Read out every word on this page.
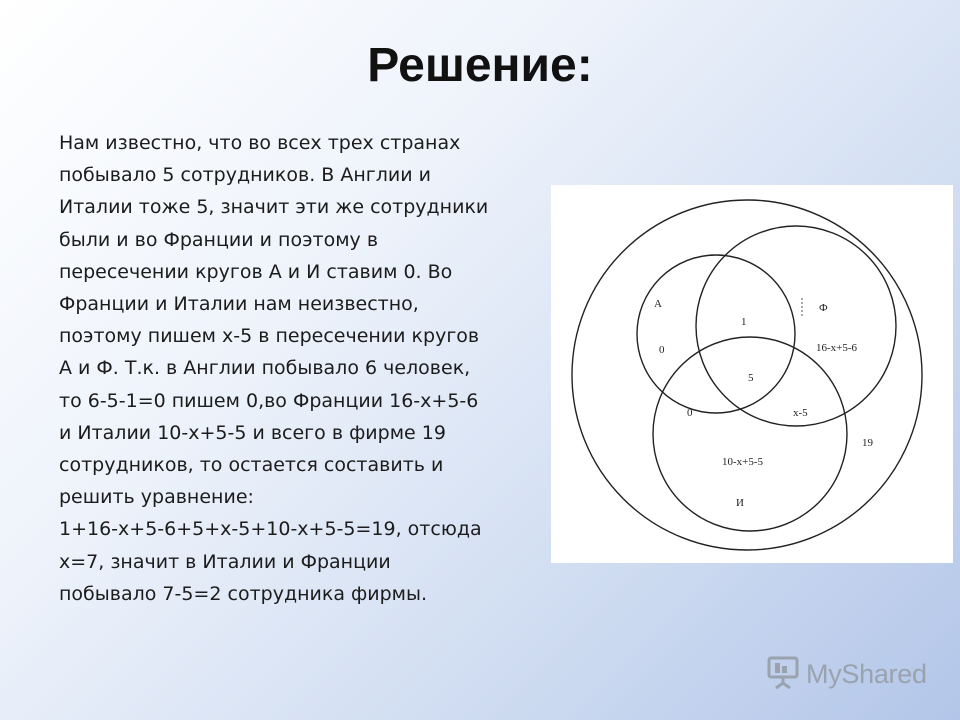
Решение:
Нам известно, что во всех трех странах
побывало 5 сотрудников. В Англии и
Италии тоже 5, значит эти же сотрудники
были и во Франции и поэтому в
пересечении кругов А и И ставим 0. Во
Франции и Италии нам неизвестно,
поэтому пишем х-5 в пересечении кругов
А и Ф. Т.к. в Англии побывало 6 человек,
то 6-5-1=0 пишем 0,во Франции 16-х+5-6
и Италии 10-х+5-5 и всего в фирме 19
сотрудников, то остается составить и
решить уравнение:
1+16-х+5-6+5+х-5+10-х+5-5=19, отсюда
х=7, значит в Италии и Франции
побывало 7-5=2 сотрудника фирмы.
А	Ф
И
0
1
16-x+5-6
5
0	x-5
10-x+5-5
19
MyShared
